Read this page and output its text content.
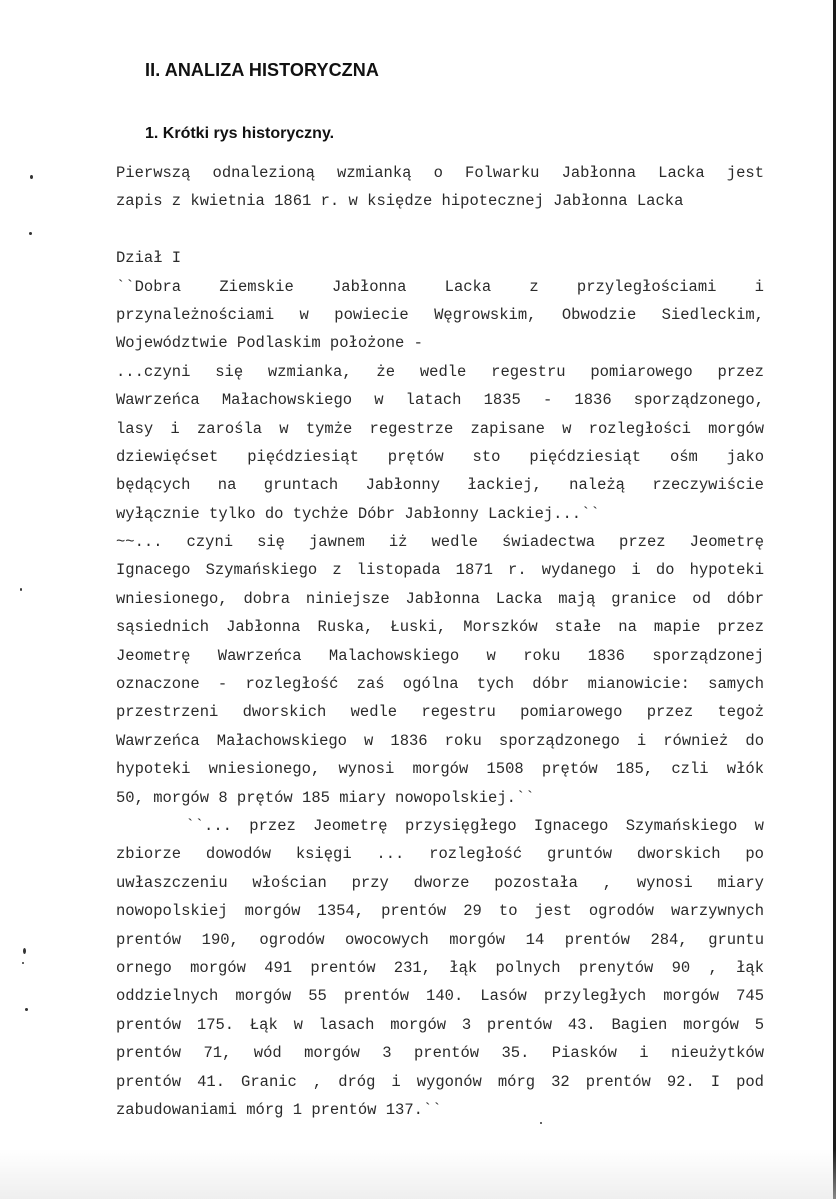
II. ANALIZA HISTORYCZNA
1. Krótki rys historyczny.
Pierwszą odnalezioną wzmianką o Folwarku Jabłonna Lacka jest
zapis z kwietnia 1861 r. w księdze hipotecznej Jabłonna Lacka

Dział I
``Dobra Ziemskie Jabłonna Lacka z przyległościami i
przynależnościami w powiecie Węgrowskim, Obwodzie Siedleckim,
Województwie Podlaskim położone -
...czyni się wzmianka, że wedle regestru pomiarowego przez
Wawrzeńca Małachowskiego w latach 1835 - 1836 sporządzonego,
lasy i zarośla w tymże regestrze zapisane w rozległości morgów
dziewięćset pięćdziesiąt prętów sto pięćdziesiąt ośm jako
będących na gruntach Jabłonny łackiej, należą rzeczywiście
wyłącznie tylko do tychże Dóbr Jabłonny Lackiej...``
~~... czyni się jawnem iż wedle świadectwa przez Jeometrę
Ignacego Szymańskiego z listopada 1871 r. wydanego i do hypoteki
wniesionego, dobra niniejsze Jabłonna Lacka mają granice od dóbr
sąsiednich Jabłonna Ruska, Łuski, Morszków stałe na mapie przez
Jeometrę Wawrzeńca Malachowskiego w roku 1836 sporządzonej
oznaczone - rozległość zaś ogólna tych dóbr mianowicie: samych
przestrzeni dworskich wedle regestru pomiarowego przez tegoż
Wawrzeńca Małachowskiego w 1836 roku sporządzonego i również do
hypoteki wniesionego, wynosi morgów 1508 prętów 185, czli włók
50, morgów 8 prętów 185 miary nowopolskiej.``
``... przez Jeometrę przysięgłego Ignacego Szymańskiego w
zbiorze dowodów księgi ... rozległość gruntów dworskich po
uwłaszczeniu włościan przy dworze pozostała , wynosi miary
nowopolskiej morgów 1354, prentów 29 to jest ogrodów warzywnych
prentów 190, ogrodów owocowych morgów 14 prentów 284, gruntu
ornego morgów 491 prentów 231, łąk polnych prenytów 90 , łąk
oddzielnych morgów 55 prentów 140. Lasów przyległych morgów 745
prentów 175. Łąk w lasach morgów 3 prentów 43. Bagien morgów 5
prentów 71, wód morgów 3 prentów 35. Piasków i nieużytków
prentów 41. Granic , dróg i wygonów mórg 32 prentów 92. I pod
zabudowaniami mórg 1 prentów 137.``
